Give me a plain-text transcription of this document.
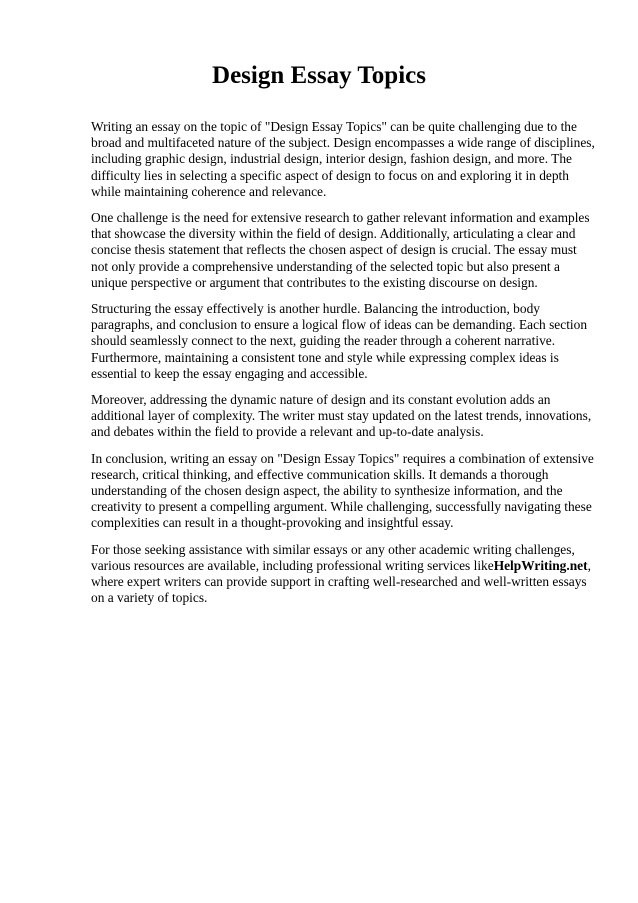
Design Essay Topics

Writing an essay on the topic of "Design Essay Topics" can be quite challenging due to the broad and multifaceted nature of the subject. Design encompasses a wide range of disciplines, including graphic design, industrial design, interior design, fashion design, and more. The difficulty lies in selecting a specific aspect of design to focus on and exploring it in depth while maintaining coherence and relevance.

One challenge is the need for extensive research to gather relevant information and examples that showcase the diversity within the field of design. Additionally, articulating a clear and concise thesis statement that reflects the chosen aspect of design is crucial. The essay must not only provide a comprehensive understanding of the selected topic but also present a unique perspective or argument that contributes to the existing discourse on design.

Structuring the essay effectively is another hurdle. Balancing the introduction, body paragraphs, and conclusion to ensure a logical flow of ideas can be demanding. Each section should seamlessly connect to the next, guiding the reader through a coherent narrative. Furthermore, maintaining a consistent tone and style while expressing complex ideas is essential to keep the essay engaging and accessible.

Moreover, addressing the dynamic nature of design and its constant evolution adds an additional layer of complexity. The writer must stay updated on the latest trends, innovations, and debates within the field to provide a relevant and up-to-date analysis.

In conclusion, writing an essay on "Design Essay Topics" requires a combination of extensive research, critical thinking, and effective communication skills. It demands a thorough understanding of the chosen design aspect, the ability to synthesize information, and the creativity to present a compelling argument. While challenging, successfully navigating these complexities can result in a thought-provoking and insightful essay.

For those seeking assistance with similar essays or any other academic writing challenges, various resources are available, including professional writing services likeHelpWriting.net, where expert writers can provide support in crafting well-researched and well-written essays on a variety of topics.
